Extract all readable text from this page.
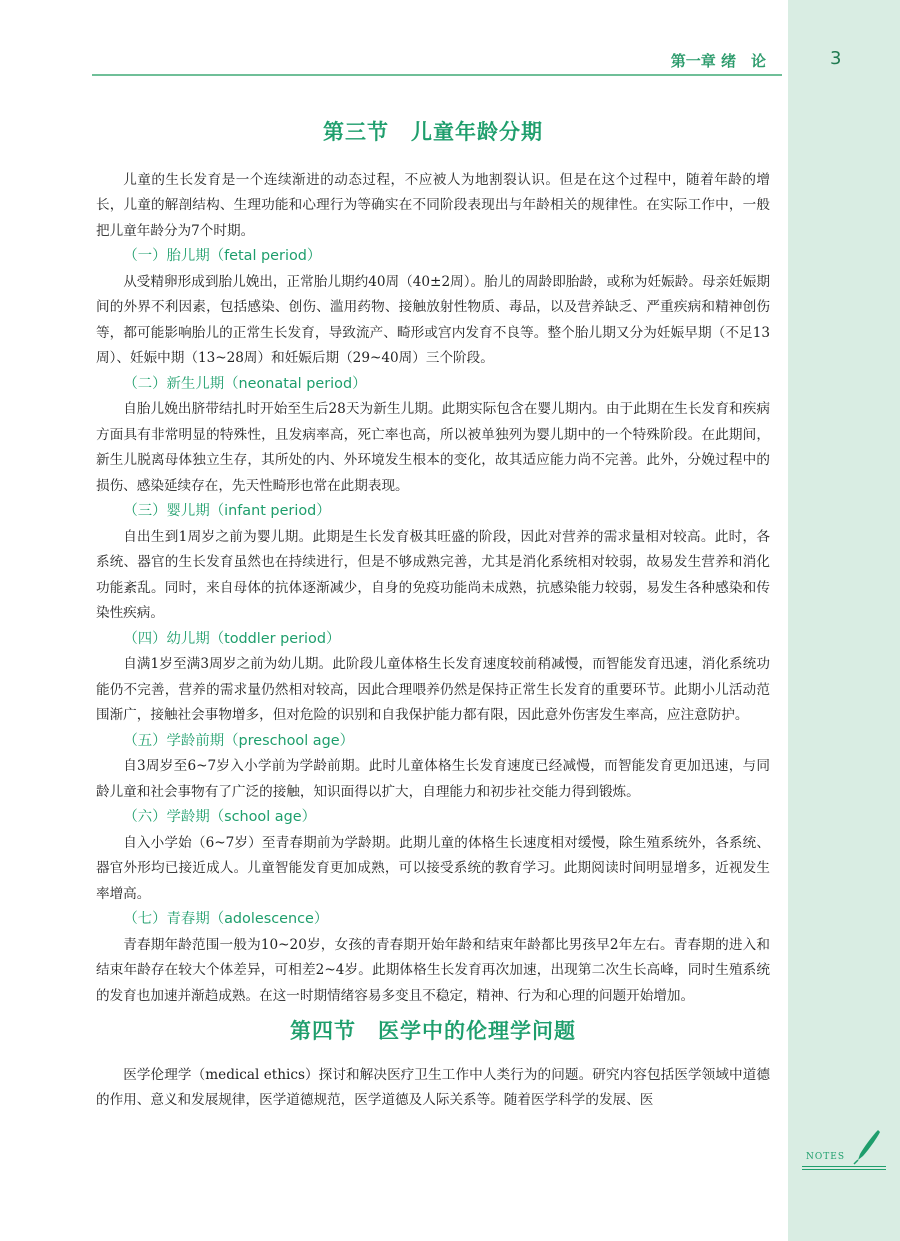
第一章 绪　论	3
第三节　儿童年龄分期

儿童的生长发育是一个连续渐进的动态过程，不应被人为地割裂认识。但是在这个过程中，随着年龄的增长，儿童的解剖结构、生理功能和心理行为等确实在不同阶段表现出与年龄相关的规律性。在实际工作中，一般把儿童年龄分为7个时期。

（一）胎儿期（fetal period）

从受精卵形成到胎儿娩出，正常胎儿期约40周（40±2周）。胎儿的周龄即胎龄，或称为妊娠龄。母亲妊娠期间的外界不利因素，包括感染、创伤、滥用药物、接触放射性物质、毒品，以及营养缺乏、严重疾病和精神创伤等，都可能影响胎儿的正常生长发育，导致流产、畸形或宫内发育不良等。整个胎儿期又分为妊娠早期（不足13周）、妊娠中期（13~28周）和妊娠后期（29~40周）三个阶段。

（二）新生儿期（neonatal period）

自胎儿娩出脐带结扎时开始至生后28天为新生儿期。此期实际包含在婴儿期内。由于此期在生长发育和疾病方面具有非常明显的特殊性，且发病率高，死亡率也高，所以被单独列为婴儿期中的一个特殊阶段。在此期间，新生儿脱离母体独立生存，其所处的内、外环境发生根本的变化，故其适应能力尚不完善。此外，分娩过程中的损伤、感染延续存在，先天性畸形也常在此期表现。

（三）婴儿期（infant period）

自出生到1周岁之前为婴儿期。此期是生长发育极其旺盛的阶段，因此对营养的需求量相对较高。此时，各系统、器官的生长发育虽然也在持续进行，但是不够成熟完善，尤其是消化系统相对较弱，故易发生营养和消化功能紊乱。同时，来自母体的抗体逐渐减少，自身的免疫功能尚未成熟，抗感染能力较弱，易发生各种感染和传染性疾病。

（四）幼儿期（toddler period）

自满1岁至满3周岁之前为幼儿期。此阶段儿童体格生长发育速度较前稍减慢，而智能发育迅速，消化系统功能仍不完善，营养的需求量仍然相对较高，因此合理喂养仍然是保持正常生长发育的重要环节。此期小儿活动范围渐广，接触社会事物增多，但对危险的识别和自我保护能力都有限，因此意外伤害发生率高，应注意防护。

（五）学龄前期（preschool age）

自3周岁至6~7岁入小学前为学龄前期。此时儿童体格生长发育速度已经减慢，而智能发育更加迅速，与同龄儿童和社会事物有了广泛的接触，知识面得以扩大，自理能力和初步社交能力得到锻炼。

（六）学龄期（school age）

自入小学始（6~7岁）至青春期前为学龄期。此期儿童的体格生长速度相对缓慢，除生殖系统外，各系统、器官外形均已接近成人。儿童智能发育更加成熟，可以接受系统的教育学习。此期阅读时间明显增多，近视发生率增高。

（七）青春期（adolescence）

青春期年龄范围一般为10~20岁，女孩的青春期开始年龄和结束年龄都比男孩早2年左右。青春期的进入和结束年龄存在较大个体差异，可相差2~4岁。此期体格生长发育再次加速，出现第二次生长高峰，同时生殖系统的发育也加速并渐趋成熟。在这一时期情绪容易多变且不稳定，精神、行为和心理的问题开始增加。

第四节　医学中的伦理学问题

医学伦理学（medical ethics）探讨和解决医疗卫生工作中人类行为的问题。研究内容包括医学领域中道德的作用、意义和发展规律，医学道德规范，医学道德及人际关系等。随着医学科学的发展、医

NOTES
